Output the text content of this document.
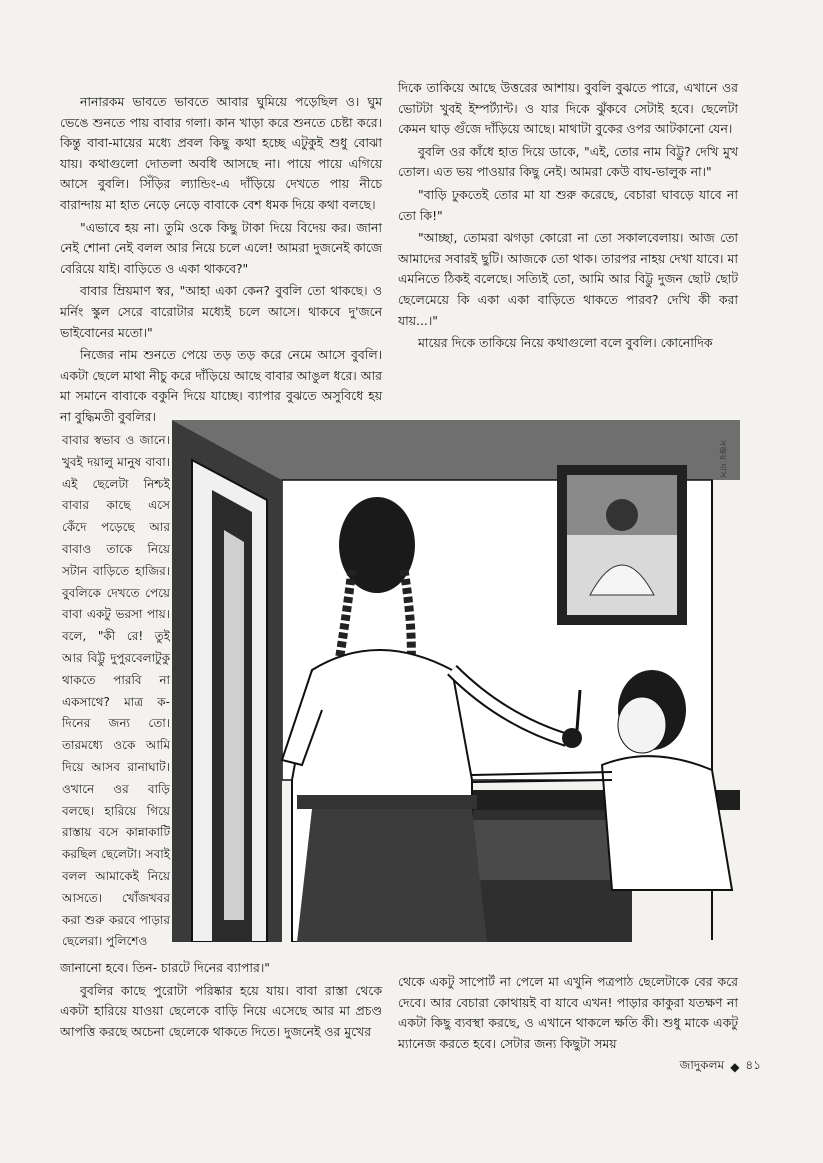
নানারকম ভাবতে ভাবতে আবার ঘুমিয়ে পড়েছিল ও। ঘুম ভেঙে শুনতে পায় বাবার গলা। কান খাড়া করে শুনতে চেষ্টা করে। কিন্তু বাবা-মায়ের মধ্যে প্রবল কিছু কথা হচ্ছে এটুকুই শুধু বোঝা যায়। কথাগুলো দোতলা অবধি আসছে না। পায়ে পায়ে এগিয়ে আসে বুবলি। সিঁড়ির ল্যান্ডিং-এ দাঁড়িয়ে দেখতে পায় নীচে বারান্দায় মা হাত নেড়ে নেড়ে বাবাকে বেশ ধমক দিয়ে কথা বলছে।

"এভাবে হয় না। তুমি ওকে কিছু টাকা দিয়ে বিদেয় কর। জানা নেই শোনা নেই বলল আর নিয়ে চলে এলে! আমরা দুজনেই কাজে বেরিয়ে যাই। বাড়িতে ও একা থাকবে?"

বাবার ম্রিয়মাণ স্বর, "আহা একা কেন? বুবলি তো থাকছে। ও মর্নিং স্কুল সেরে বারোটার মধ্যেই চলে আসে। থাকবে দু'জনে ভাইবোনের মতো।"

নিজের নাম শুনতে পেয়ে তড় তড় করে নেমে আসে বুবলি। একটা ছেলে মাথা নীচু করে দাঁড়িয়ে আছে বাবার আঙুল ধরে। আর মা সমানে বাবাকে বকুনি দিয়ে যাচ্ছে। ব্যাপার বুঝতে অসুবিধে হয় না বুদ্ধিমতী বুবলির।

দিকে তাকিয়ে আছে উত্তরের আশায়। বুবলি বুঝতে পারে, এখানে ওর ভোটটা খুবই ইম্পর্ট্যান্ট। ও যার দিকে ঝুঁকবে সেটাই হবে। ছেলেটা কেমন ঘাড় গুঁজে দাঁড়িয়ে আছে। মাথাটা বুকের ওপর আটকানো যেন।

বুবলি ওর কাঁধে হাত দিয়ে ডাকে, "এই, তোর নাম বিট্টু? দেখি মুখ তোল। এত ভয় পাওয়ার কিছু নেই। আমরা কেউ বাঘ-ভালুক না।"

"বাড়ি ঢুকতেই তোর মা যা শুরু করেছে, বেচারা ঘাবড়ে যাবে না তো কি!"

"আচ্ছা, তোমরা ঝগড়া কোরো না তো সকালবেলায়। আজ তো আমাদের সবারই ছুটি। আজকে তো থাক। তারপর নাহয় দেখা যাবে। মা এমনিতে ঠিকই বলেছে। সত্যিই তো, আমি আর বিট্টু দুজন ছোট ছোট ছেলেমেয়ে কি একা একা বাড়িতে থাকতে পারব? দেখি কী করা যায়...।"

মায়ের দিকে তাকিয়ে নিয়ে কথাগুলো বলে বুবলি। কোনোদিক

বাবার স্বভাব ও জানে। খুবই দয়ালু মানুষ বাবা। এই ছেলেটা নিশ্চই বাবার কাছে এসে কেঁদে পড়েছে আর বাবাও তাকে নিয়ে সটান বাড়িতে হাজির। বুবলিকে দেখতে পেয়ে বাবা একটু ভরসা পায়। বলে, "কী রে! তুই আর বিট্টু দুপুরবেলাটুকু থাকতে পারবি না একসাথে? মাত্র ক-দিনের জন্য তো। তারমধ্যে ওকে আমি দিয়ে আসব রানাঘাট। ওখানে ওর বাড়ি বলছে। হারিয়ে গিয়ে রাস্তায় বসে কান্নাকাটি করছিল ছেলেটা। সবাই বলল আমাকেই নিয়ে আসতে। খোঁজখবর করা শুরু করবে পাড়ার ছেলেরা। পুলিশেও

সঞ্জয় দাস

জানানো হবে। তিন- চারটে দিনের ব্যাপার।"

বুবলির কাছে পুরোটা পরিষ্কার হয়ে যায়। বাবা রাস্তা থেকে একটা হারিয়ে যাওয়া ছেলেকে বাড়ি নিয়ে এসেছে আর মা প্রচণ্ড আপত্তি করছে অচেনা ছেলেকে থাকতে দিতে। দুজনেই ওর মুখের

থেকে একটু সাপোর্ট না পেলে মা এখুনি পত্রপাঠ ছেলেটাকে বের করে দেবে। আর বেচারা কোথায়ই বা যাবে এখন! পাড়ার কাকুরা যতক্ষণ না একটা কিছু ব্যবস্থা করছে, ও এখানে থাকলে ক্ষতি কী। শুধু মাকে একটু ম্যানেজ করতে হবে। সেটার জন্য কিছুটা সময়

জাদুকলম ◆ ৪১
